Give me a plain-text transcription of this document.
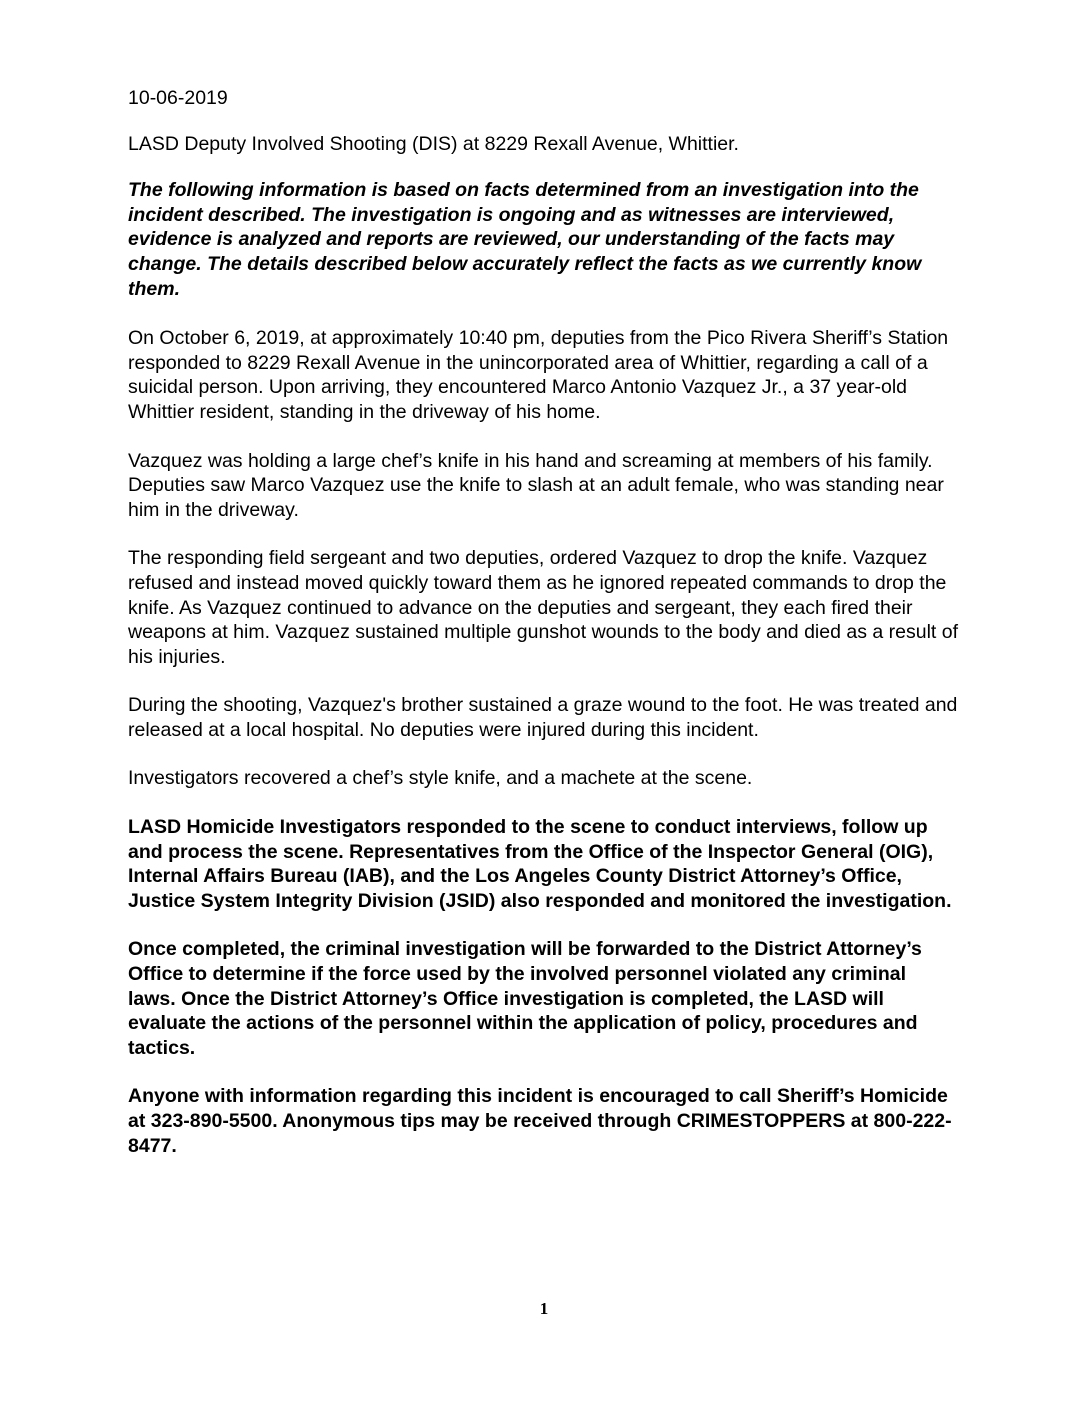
10-06-2019

LASD Deputy Involved Shooting (DIS) at 8229 Rexall Avenue, Whittier.

The following information is based on facts determined from an investigation into the incident described. The investigation is ongoing and as witnesses are interviewed, evidence is analyzed and reports are reviewed, our understanding of the facts may change. The details described below accurately reflect the facts as we currently know them.

On October 6, 2019, at approximately 10:40 pm, deputies from the Pico Rivera Sheriff’s Station responded to 8229 Rexall Avenue in the unincorporated area of Whittier, regarding a call of a suicidal person. Upon arriving, they encountered Marco Antonio Vazquez Jr., a 37 year-old Whittier resident, standing in the driveway of his home.

Vazquez was holding a large chef’s knife in his hand and screaming at members of his family. Deputies saw Marco Vazquez use the knife to slash at an adult female, who was standing near him in the driveway.

The responding field sergeant and two deputies, ordered Vazquez to drop the knife. Vazquez refused and instead moved quickly toward them as he ignored repeated commands to drop the knife. As Vazquez continued to advance on the deputies and sergeant, they each fired their weapons at him. Vazquez sustained multiple gunshot wounds to the body and died as a result of his injuries.

During the shooting, Vazquez's brother sustained a graze wound to the foot. He was treated and released at a local hospital. No deputies were injured during this incident.

Investigators recovered a chef’s style knife, and a machete at the scene.

LASD Homicide Investigators responded to the scene to conduct interviews, follow up and process the scene. Representatives from the Office of the Inspector General (OIG), Internal Affairs Bureau (IAB), and the Los Angeles County District Attorney’s Office, Justice System Integrity Division (JSID) also responded and monitored the investigation.

Once completed, the criminal investigation will be forwarded to the District Attorney’s Office to determine if the force used by the involved personnel violated any criminal laws. Once the District Attorney’s Office investigation is completed, the LASD will evaluate the actions of the personnel within the application of policy, procedures and tactics.

Anyone with information regarding this incident is encouraged to call Sheriff’s Homicide at 323-890-5500. Anonymous tips may be received through CRIMESTOPPERS at 800-222-8477.

1
